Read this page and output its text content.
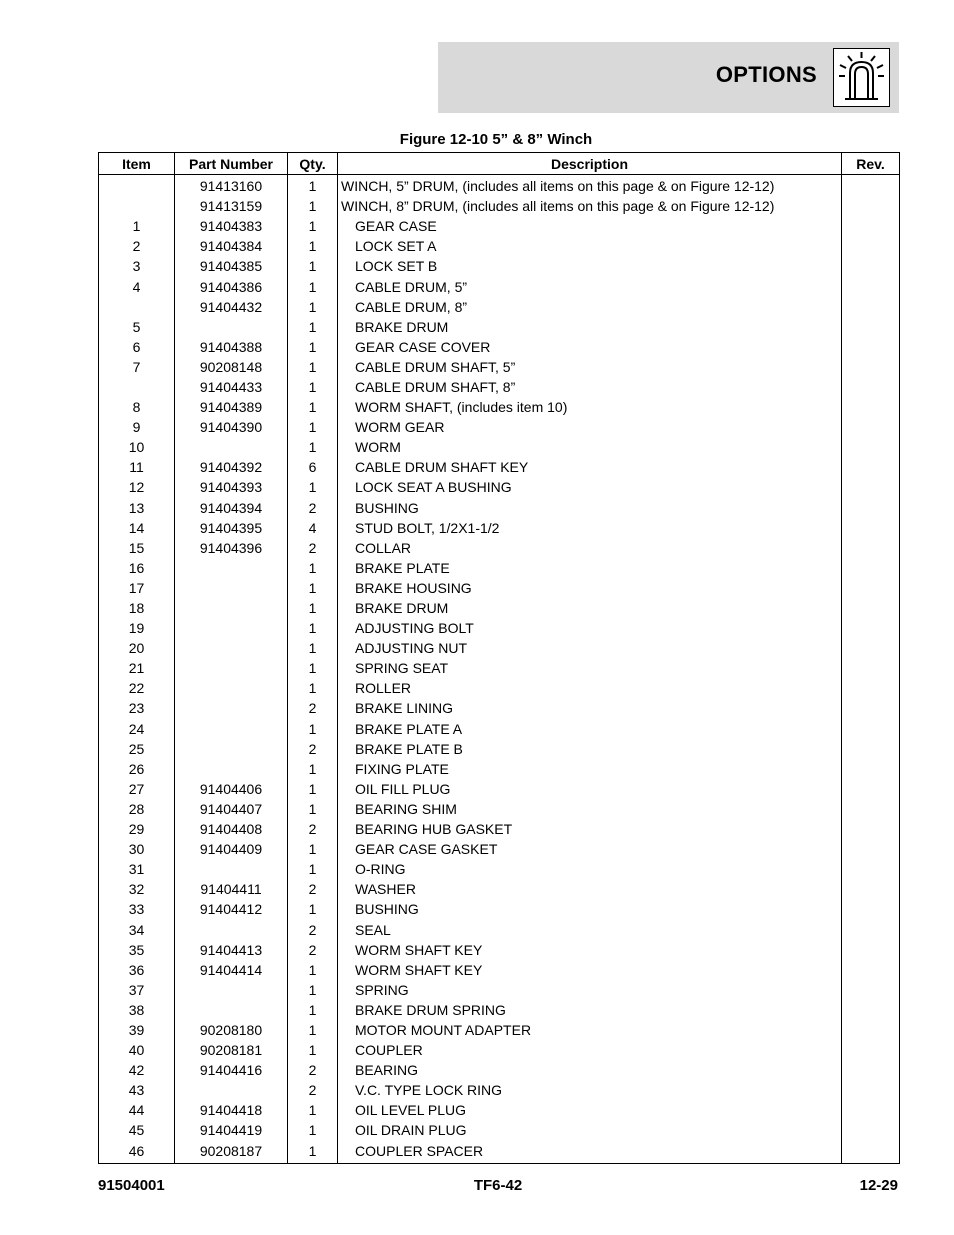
OPTIONS
Figure 12-10 5” & 8” Winch
Item	Part Number	Qty.	Description	Rev.
	91413160	1	WINCH, 5” DRUM, (includes all items on this page & on Figure 12-12)	
	91413159	1	WINCH, 8” DRUM, (includes all items on this page & on Figure 12-12)	
1	91404383	1	GEAR CASE	
2	91404384	1	LOCK SET A	
3	91404385	1	LOCK SET B	
4	91404386	1	CABLE DRUM, 5”	
	91404432	1	CABLE DRUM, 8”	
5		1	BRAKE DRUM	
6	91404388	1	GEAR CASE COVER	
7	90208148	1	CABLE DRUM SHAFT, 5”	
	91404433	1	CABLE DRUM SHAFT, 8”	
8	91404389	1	WORM SHAFT, (includes item 10)	
9	91404390	1	WORM GEAR	
10		1	WORM	
11	91404392	6	CABLE DRUM SHAFT KEY	
12	91404393	1	LOCK SEAT A BUSHING	
13	91404394	2	BUSHING	
14	91404395	4	STUD BOLT, 1/2X1-1/2	
15	91404396	2	COLLAR	
16		1	BRAKE PLATE	
17		1	BRAKE HOUSING	
18		1	BRAKE DRUM	
19		1	ADJUSTING BOLT	
20		1	ADJUSTING NUT	
21		1	SPRING SEAT	
22		1	ROLLER	
23		2	BRAKE LINING	
24		1	BRAKE PLATE A	
25		2	BRAKE PLATE B	
26		1	FIXING PLATE	
27	91404406	1	OIL FILL PLUG	
28	91404407	1	BEARING SHIM	
29	91404408	2	BEARING HUB GASKET	
30	91404409	1	GEAR CASE GASKET	
31		1	O-RING	
32	91404411	2	WASHER	
33	91404412	1	BUSHING	
34		2	SEAL	
35	91404413	2	WORM SHAFT KEY	
36	91404414	1	WORM SHAFT KEY	
37		1	SPRING	
38		1	BRAKE DRUM SPRING	
39	90208180	1	MOTOR MOUNT ADAPTER	
40	90208181	1	COUPLER	
42	91404416	2	BEARING	
43		2	V.C. TYPE LOCK RING	
44	91404418	1	OIL LEVEL PLUG	
45	91404419	1	OIL DRAIN PLUG	
46	90208187	1	COUPLER SPACER	
91504001	TF6-42	12-29
